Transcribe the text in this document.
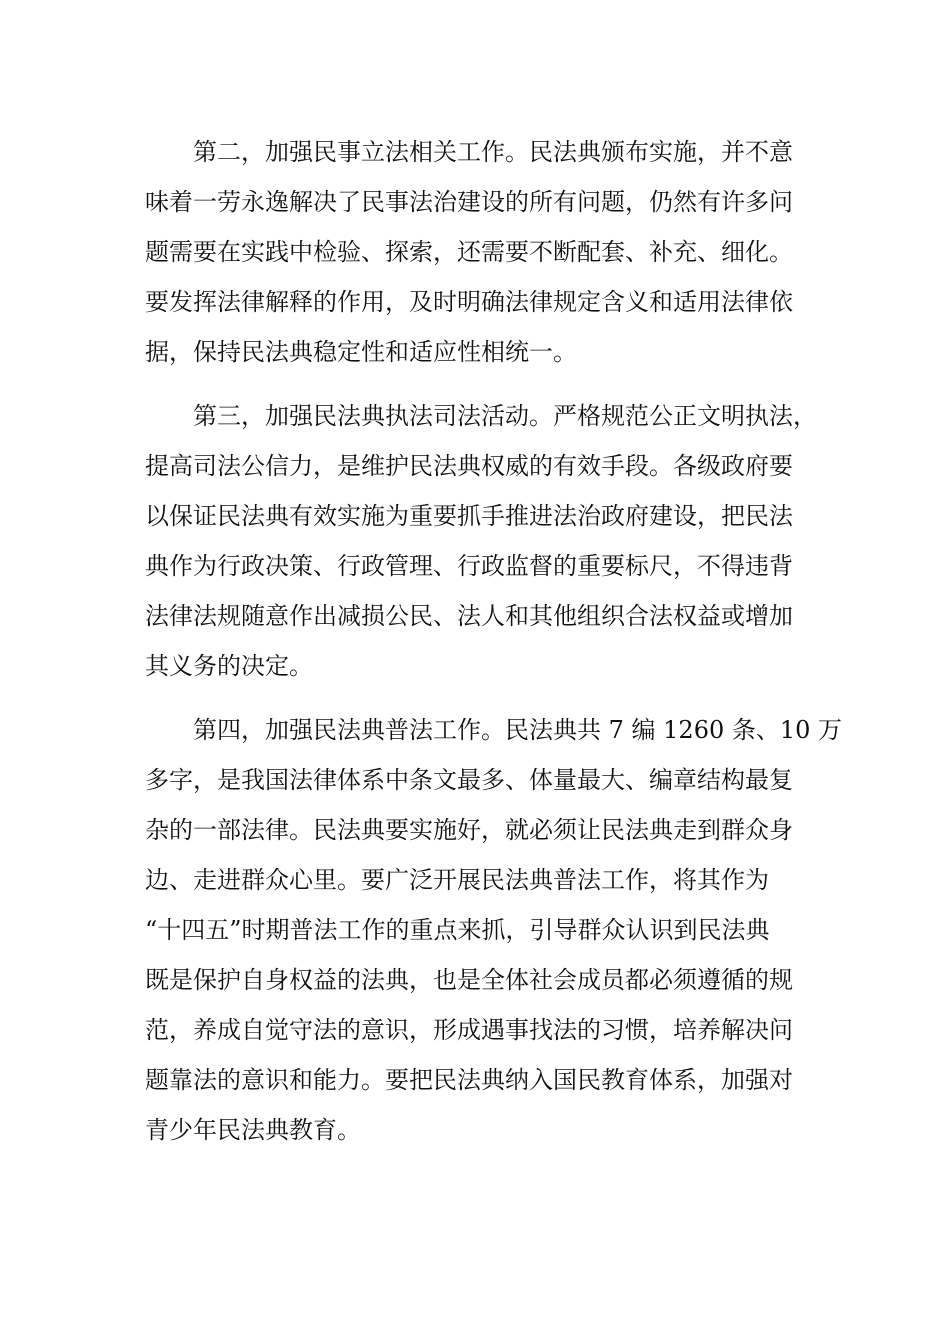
第二，加强民事立法相关工作。民法典颁布实施，并不意

味着一劳永逸解决了民事法治建设的所有问题，仍然有许多问

题需要在实践中检验、探索，还需要不断配套、补充、细化。

要发挥法律解释的作用，及时明确法律规定含义和适用法律依

据，保持民法典稳定性和适应性相统一。

第三，加强民法典执法司法活动。严格规范公正文明执法，

提高司法公信力，是维护民法典权威的有效手段。各级政府要

以保证民法典有效实施为重要抓手推进法治政府建设，把民法

典作为行政决策、行政管理、行政监督的重要标尺，不得违背

法律法规随意作出减损公民、法人和其他组织合法权益或增加

其义务的决定。

第四，加强民法典普法工作。民法典共 7 编 1260 条、10 万

多字，是我国法律体系中条文最多、体量最大、编章结构最复

杂的一部法律。民法典要实施好，就必须让民法典走到群众身

边、走进群众心里。要广泛开展民法典普法工作，将其作为

“十四五”时期普法工作的重点来抓，引导群众认识到民法典

既是保护自身权益的法典，也是全体社会成员都必须遵循的规

范，养成自觉守法的意识，形成遇事找法的习惯，培养解决问

题靠法的意识和能力。要把民法典纳入国民教育体系，加强对

青少年民法典教育。
